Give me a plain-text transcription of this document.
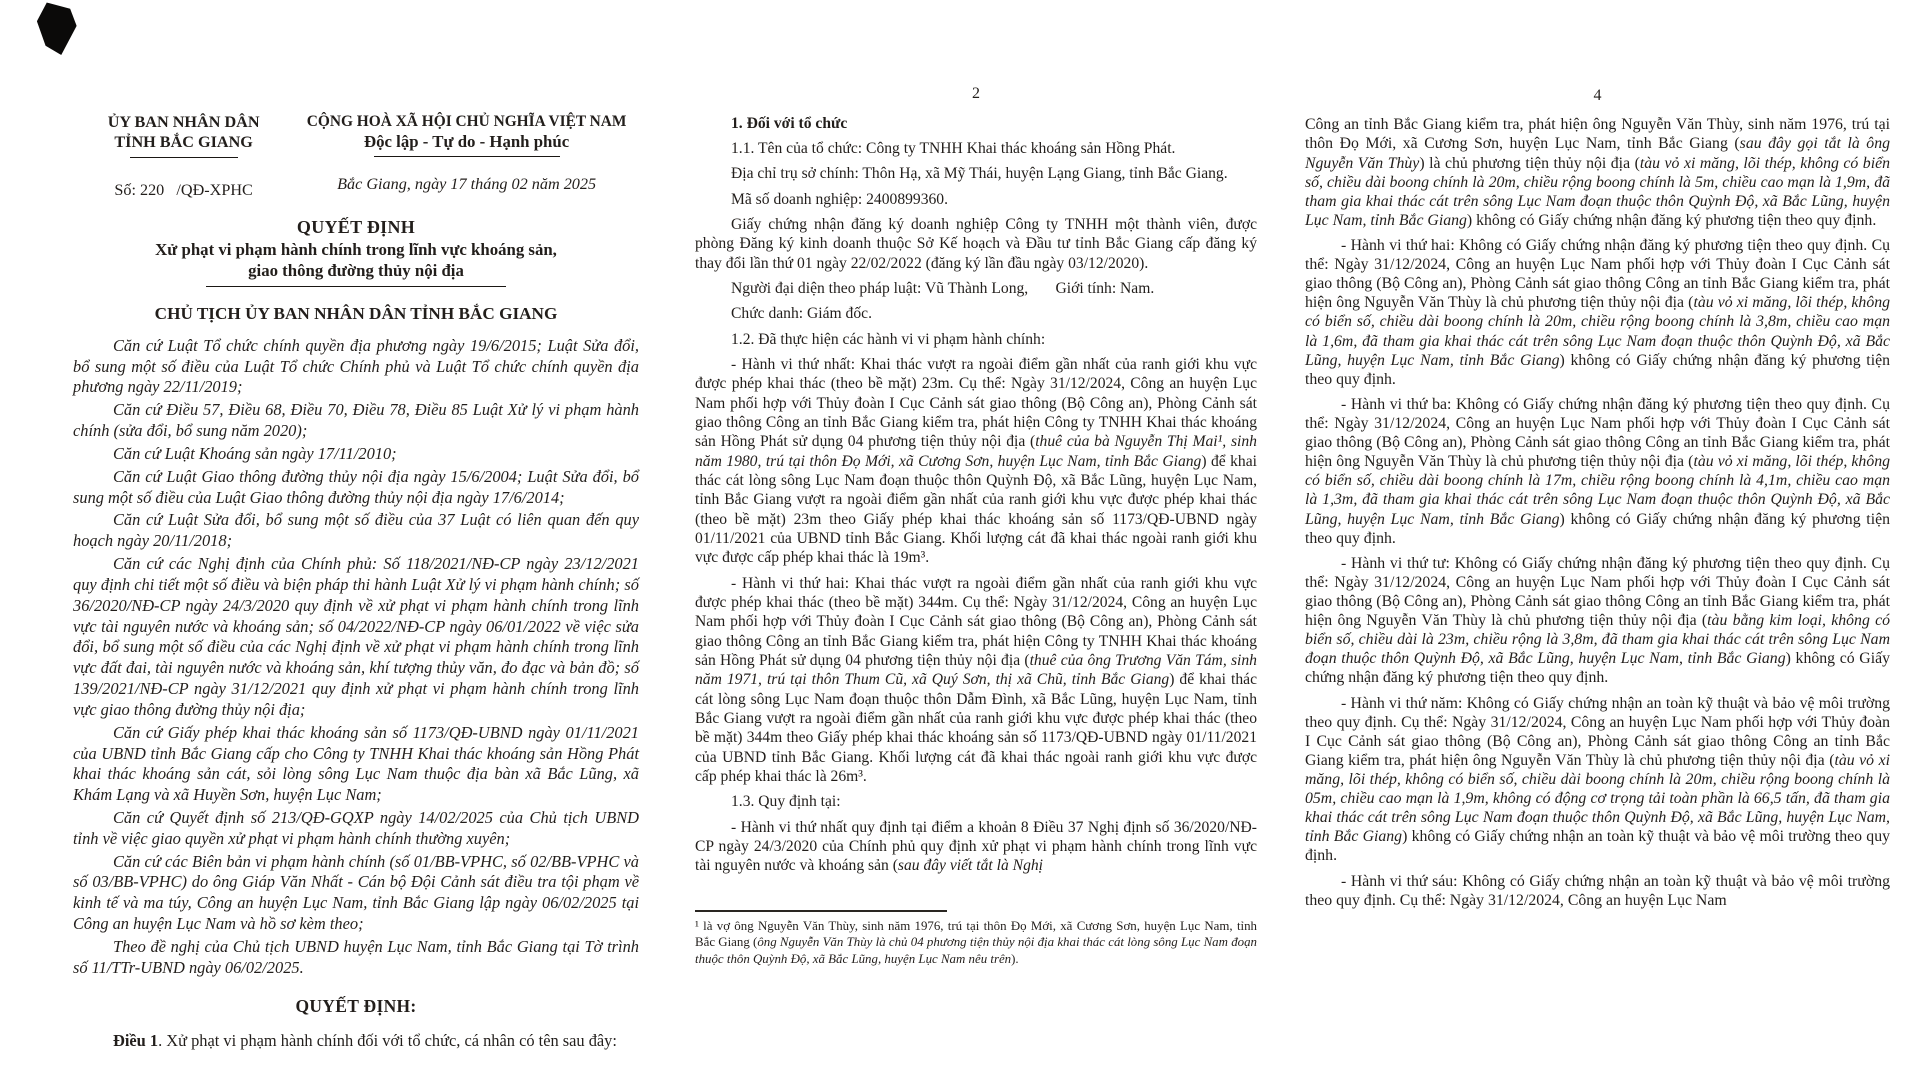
ỦY BAN NHÂN DÂN
TỈNH BẮC GIANG
Số: 220   /QĐ-XPHC
CỘNG HOÀ XÃ HỘI CHỦ NGHĨA VIỆT NAM
Độc lập - Tự do - Hạnh phúc
Bắc Giang, ngày 17 tháng 02 năm 2025
QUYẾT ĐỊNH
Xử phạt vi phạm hành chính trong lĩnh vực khoáng sản,
giao thông đường thủy nội địa
CHỦ TỊCH ỦY BAN NHÂN DÂN TỈNH BẮC GIANG

Căn cứ Luật Tổ chức chính quyền địa phương ngày 19/6/2015; Luật Sửa đổi, bổ sung một số điều của Luật Tổ chức Chính phủ và Luật Tổ chức chính quyền địa phương ngày 22/11/2019;

Căn cứ Điều 57, Điều 68, Điều 70, Điều 78, Điều 85 Luật Xử lý vi phạm hành chính (sửa đổi, bổ sung năm 2020);

Căn cứ Luật Khoáng sản ngày 17/11/2010;

Căn cứ Luật Giao thông đường thủy nội địa ngày 15/6/2004; Luật Sửa đổi, bổ sung một số điều của Luật Giao thông đường thủy nội địa ngày 17/6/2014;

Căn cứ Luật Sửa đổi, bổ sung một số điều của 37 Luật có liên quan đến quy hoạch ngày 20/11/2018;

Căn cứ các Nghị định của Chính phủ: Số 118/2021/NĐ-CP ngày 23/12/2021 quy định chi tiết một số điều và biện pháp thi hành Luật Xử lý vi phạm hành chính; số 36/2020/NĐ-CP ngày 24/3/2020 quy định về xử phạt vi phạm hành chính trong lĩnh vực tài nguyên nước và khoáng sản; số 04/2022/NĐ-CP ngày 06/01/2022 về việc sửa đổi, bổ sung một số điều của các Nghị định về xử phạt vi phạm hành chính trong lĩnh vực đất đai, tài nguyên nước và khoáng sản, khí tượng thủy văn, đo đạc và bản đồ; số 139/2021/NĐ-CP ngày 31/12/2021 quy định xử phạt vi phạm hành chính trong lĩnh vực giao thông đường thủy nội địa;

Căn cứ Giấy phép khai thác khoáng sản số 1173/QĐ-UBND ngày 01/11/2021 của UBND tỉnh Bắc Giang cấp cho Công ty TNHH Khai thác khoáng sản Hồng Phát khai thác khoáng sản cát, sỏi lòng sông Lục Nam thuộc địa bàn xã Bắc Lũng, xã Khám Lạng và xã Huyền Sơn, huyện Lục Nam;

Căn cứ Quyết định số 213/QĐ-GQXP ngày 14/02/2025 của Chủ tịch UBND tỉnh về việc giao quyền xử phạt vi phạm hành chính thường xuyên;

Căn cứ các Biên bản vi phạm hành chính (số 01/BB-VPHC, số 02/BB-VPHC và số 03/BB-VPHC) do ông Giáp Văn Nhất - Cán bộ Đội Cảnh sát điều tra tội phạm về kinh tế và ma túy, Công an huyện Lục Nam, tỉnh Bắc Giang lập ngày 06/02/2025 tại Công an huyện Lục Nam và hồ sơ kèm theo;

Theo đề nghị của Chủ tịch UBND huyện Lục Nam, tỉnh Bắc Giang tại Tờ trình số 11/TTr-UBND ngày 06/02/2025.

QUYẾT ĐỊNH:

Điều 1. Xử phạt vi phạm hành chính đối với tổ chức, cá nhân có tên sau đây:

2

1. Đối với tổ chức

1.1. Tên của tổ chức: Công ty TNHH Khai thác khoáng sản Hồng Phát.

Địa chỉ trụ sở chính: Thôn Hạ, xã Mỹ Thái, huyện Lạng Giang, tỉnh Bắc Giang.

Mã số doanh nghiệp: 2400899360.

Giấy chứng nhận đăng ký doanh nghiệp Công ty TNHH một thành viên, được phòng Đăng ký kinh doanh thuộc Sở Kế hoạch và Đầu tư tỉnh Bắc Giang cấp đăng ký thay đổi lần thứ 01 ngày 22/02/2022 (đăng ký lần đầu ngày 03/12/2020).

Người đại diện theo pháp luật: Vũ Thành Long,       Giới tính: Nam.

Chức danh: Giám đốc.

1.2. Đã thực hiện các hành vi vi phạm hành chính:

- Hành vi thứ nhất: Khai thác vượt ra ngoài điểm gần nhất của ranh giới khu vực được phép khai thác (theo bề mặt) 23m. Cụ thể: Ngày 31/12/2024, Công an huyện Lục Nam phối hợp với Thủy đoàn I Cục Cảnh sát giao thông (Bộ Công an), Phòng Cảnh sát giao thông Công an tỉnh Bắc Giang kiểm tra, phát hiện Công ty TNHH Khai thác khoáng sản Hồng Phát sử dụng 04 phương tiện thủy nội địa (thuê của bà Nguyễn Thị Mai¹, sinh năm 1980, trú tại thôn Đọ Mới, xã Cương Sơn, huyện Lục Nam, tỉnh Bắc Giang) để khai thác cát lòng sông Lục Nam đoạn thuộc thôn Quỳnh Độ, xã Bắc Lũng, huyện Lục Nam, tỉnh Bắc Giang vượt ra ngoài điểm gần nhất của ranh giới khu vực được phép khai thác (theo bề mặt) 23m theo Giấy phép khai thác khoáng sản số 1173/QĐ-UBND ngày 01/11/2021 của UBND tỉnh Bắc Giang. Khối lượng cát đã khai thác ngoài ranh giới khu vực được cấp phép khai thác là 19m³.

- Hành vi thứ hai: Khai thác vượt ra ngoài điểm gần nhất của ranh giới khu vực được phép khai thác (theo bề mặt) 344m. Cụ thể: Ngày 31/12/2024, Công an huyện Lục Nam phối hợp với Thủy đoàn I Cục Cảnh sát giao thông (Bộ Công an), Phòng Cảnh sát giao thông Công an tỉnh Bắc Giang kiểm tra, phát hiện Công ty TNHH Khai thác khoáng sản Hồng Phát sử dụng 04 phương tiện thủy nội địa (thuê của ông Trương Văn Tám, sinh năm 1971, trú tại thôn Thum Cũ, xã Quý Sơn, thị xã Chũ, tỉnh Bắc Giang) để khai thác cát lòng sông Lục Nam đoạn thuộc thôn Dẫm Đình, xã Bắc Lũng, huyện Lục Nam, tỉnh Bắc Giang vượt ra ngoài điểm gần nhất của ranh giới khu vực được phép khai thác (theo bề mặt) 344m theo Giấy phép khai thác khoáng sản số 1173/QĐ-UBND ngày 01/11/2021 của UBND tỉnh Bắc Giang. Khối lượng cát đã khai thác ngoài ranh giới khu vực được cấp phép khai thác là 26m³.

1.3. Quy định tại:

- Hành vi thứ nhất quy định tại điểm a khoản 8 Điều 37 Nghị định số 36/2020/NĐ-CP ngày 24/3/2020 của Chính phủ quy định xử phạt vi phạm hành chính trong lĩnh vực tài nguyên nước và khoáng sản (sau đây viết tắt là Nghị

¹ là vợ ông Nguyễn Văn Thùy, sinh năm 1976, trú tại thôn Đọ Mới, xã Cương Sơn, huyện Lục Nam, tỉnh Bắc Giang (ông Nguyễn Văn Thùy là chủ 04 phương tiện thủy nội địa khai thác cát lòng sông Lục Nam đoạn thuộc thôn Quỳnh Độ, xã Bắc Lũng, huyện Lục Nam nêu trên).

4

Công an tỉnh Bắc Giang kiểm tra, phát hiện ông Nguyễn Văn Thùy, sinh năm 1976, trú tại thôn Đọ Mới, xã Cương Sơn, huyện Lục Nam, tỉnh Bắc Giang (sau đây gọi tắt là ông Nguyễn Văn Thùy) là chủ phương tiện thủy nội địa (tàu vỏ xi măng, lõi thép, không có biển số, chiều dài boong chính là 20m, chiều rộng boong chính là 5m, chiều cao mạn là 1,9m, đã tham gia khai thác cát trên sông Lục Nam đoạn thuộc thôn Quỳnh Độ, xã Bắc Lũng, huyện Lục Nam, tỉnh Bắc Giang) không có Giấy chứng nhận đăng ký phương tiện theo quy định.

- Hành vi thứ hai: Không có Giấy chứng nhận đăng ký phương tiện theo quy định. Cụ thể: Ngày 31/12/2024, Công an huyện Lục Nam phối hợp với Thủy đoàn I Cục Cảnh sát giao thông (Bộ Công an), Phòng Cảnh sát giao thông Công an tỉnh Bắc Giang kiểm tra, phát hiện ông Nguyễn Văn Thùy là chủ phương tiện thủy nội địa (tàu vỏ xi măng, lõi thép, không có biển số, chiều dài boong chính là 20m, chiều rộng boong chính là 3,8m, chiều cao mạn là 1,6m, đã tham gia khai thác cát trên sông Lục Nam đoạn thuộc thôn Quỳnh Độ, xã Bắc Lũng, huyện Lục Nam, tỉnh Bắc Giang) không có Giấy chứng nhận đăng ký phương tiện theo quy định.

- Hành vi thứ ba: Không có Giấy chứng nhận đăng ký phương tiện theo quy định. Cụ thể: Ngày 31/12/2024, Công an huyện Lục Nam phối hợp với Thủy đoàn I Cục Cảnh sát giao thông (Bộ Công an), Phòng Cảnh sát giao thông Công an tỉnh Bắc Giang kiểm tra, phát hiện ông Nguyễn Văn Thùy là chủ phương tiện thủy nội địa (tàu vỏ xi măng, lõi thép, không có biển số, chiều dài boong chính là 17m, chiều rộng boong chính là 4,1m, chiều cao mạn là 1,3m, đã tham gia khai thác cát trên sông Lục Nam đoạn thuộc thôn Quỳnh Độ, xã Bắc Lũng, huyện Lục Nam, tỉnh Bắc Giang) không có Giấy chứng nhận đăng ký phương tiện theo quy định.

- Hành vi thứ tư: Không có Giấy chứng nhận đăng ký phương tiện theo quy định. Cụ thể: Ngày 31/12/2024, Công an huyện Lục Nam phối hợp với Thủy đoàn I Cục Cảnh sát giao thông (Bộ Công an), Phòng Cảnh sát giao thông Công an tỉnh Bắc Giang kiểm tra, phát hiện ông Nguyễn Văn Thùy là chủ phương tiện thủy nội địa (tàu bằng kim loại, không có biển số, chiều dài là 23m, chiều rộng là 3,8m, đã tham gia khai thác cát trên sông Lục Nam đoạn thuộc thôn Quỳnh Độ, xã Bắc Lũng, huyện Lục Nam, tỉnh Bắc Giang) không có Giấy chứng nhận đăng ký phương tiện theo quy định.

- Hành vi thứ năm: Không có Giấy chứng nhận an toàn kỹ thuật và bảo vệ môi trường theo quy định. Cụ thể: Ngày 31/12/2024, Công an huyện Lục Nam phối hợp với Thủy đoàn I Cục Cảnh sát giao thông (Bộ Công an), Phòng Cảnh sát giao thông Công an tỉnh Bắc Giang kiểm tra, phát hiện ông Nguyễn Văn Thùy là chủ phương tiện thủy nội địa (tàu vỏ xi măng, lõi thép, không có biển số, chiều dài boong chính là 20m, chiều rộng boong chính là 05m, chiều cao mạn là 1,9m, không có động cơ trọng tải toàn phần là 66,5 tấn, đã tham gia khai thác cát trên sông Lục Nam đoạn thuộc thôn Quỳnh Độ, xã Bắc Lũng, huyện Lục Nam, tỉnh Bắc Giang) không có Giấy chứng nhận an toàn kỹ thuật và bảo vệ môi trường theo quy định.

- Hành vi thứ sáu: Không có Giấy chứng nhận an toàn kỹ thuật và bảo vệ môi trường theo quy định. Cụ thể: Ngày 31/12/2024, Công an huyện Lục Nam
